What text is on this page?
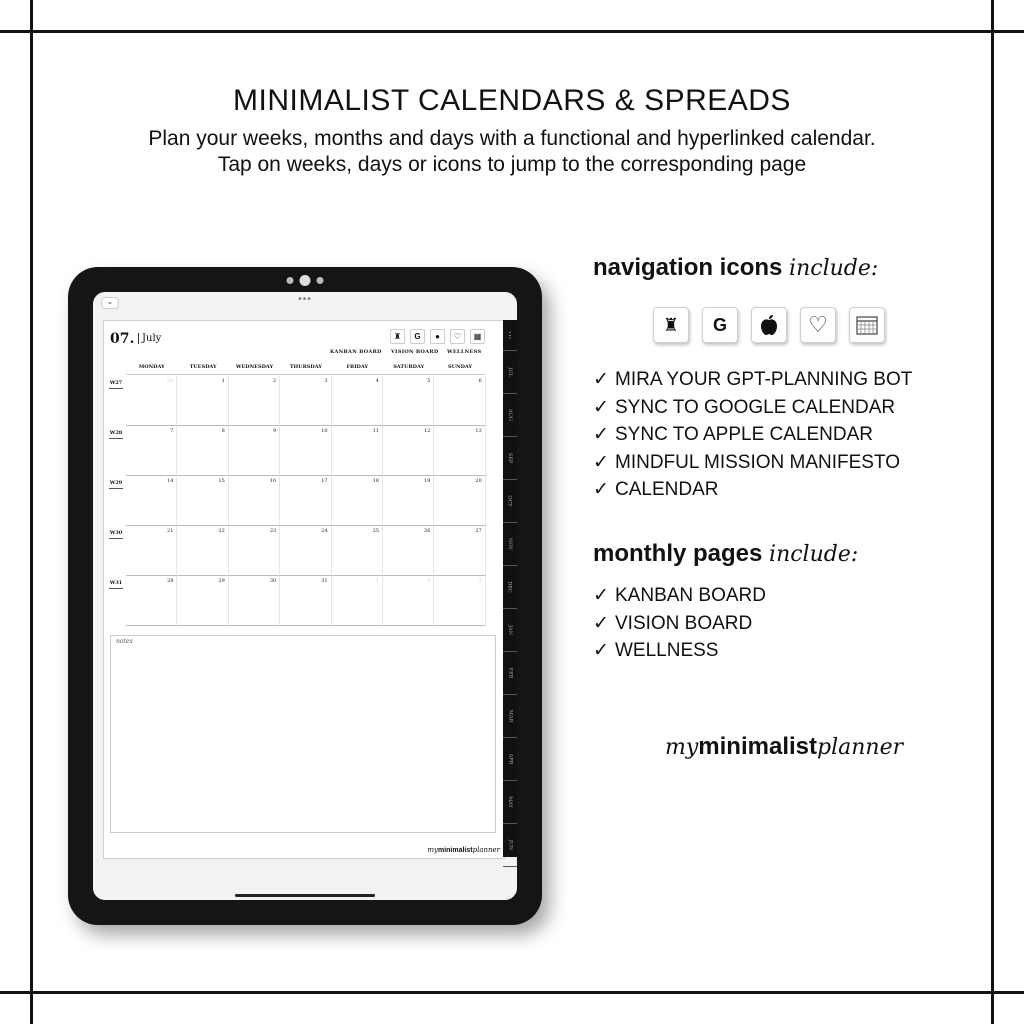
MINIMALIST CALENDARS & SPREADS
Plan your weeks, months and days with a functional and hyperlinked calendar.
Tap on weeks, days or icons to jump to the corresponding page
⌄	•••
07. July	♜	G	●	♡	▦
KANBAN BOARD VISION BOARD WELLNESS
MONDAY	TUESDAY	WEDNESDAY	THURSDAY	FRIDAY	SATURDAY	SUNDAY
W27	30	1	2	3	4	5	6
W28	7	8	9	10	11	12	13
W29	14	15	16	17	18	19	20
W30	21	22	23	24	25	26	27
W31	28	29	30	31	1	2	3
notes
myminimalistplanner
⋮
JUL
AUG
SEP
OCT
NOV
DEC
JAN
FEB
MAR
APR
MAY
JUN
navigation icons include:
♜	G	♡
✓ MIRA YOUR GPT-PLANNING BOT
✓ SYNC TO GOOGLE CALENDAR
✓ SYNC TO APPLE CALENDAR
✓ MINDFUL MISSION MANIFESTO
✓ CALENDAR
monthly pages include:
✓ KANBAN BOARD
✓ VISION BOARD
✓ WELLNESS
myminimalistplanner
